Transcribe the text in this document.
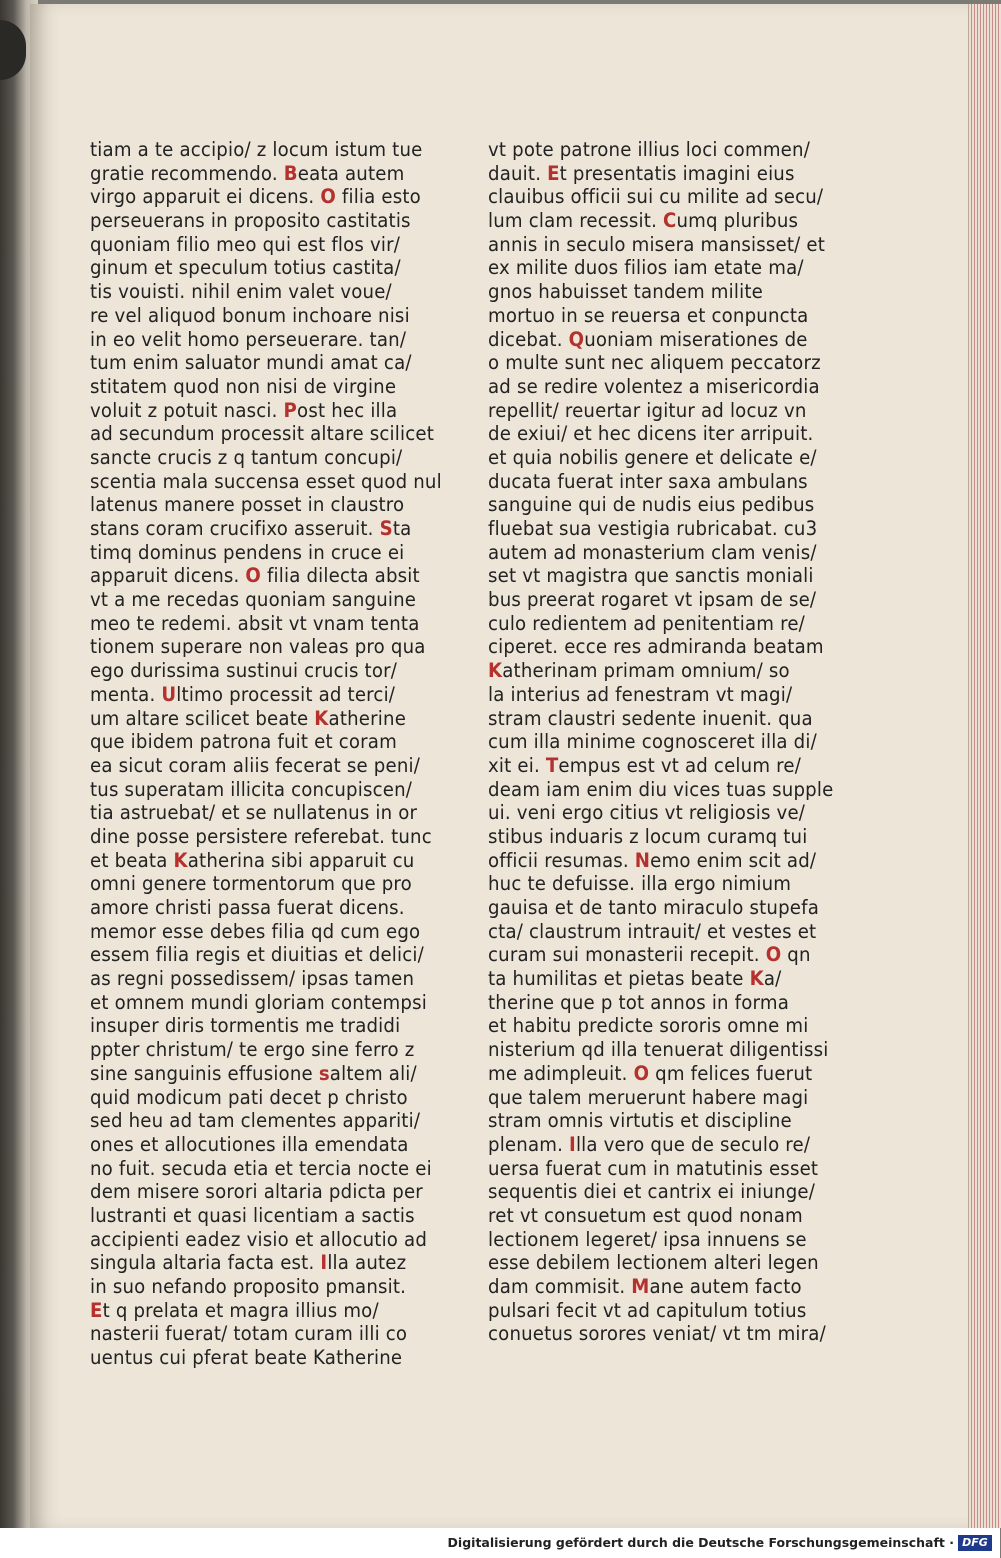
tiam a te accipio/ z locum istum tue
gratie recommendo. Beata autem
virgo apparuit ei dicens. O filia esto
perseuerans in proposito castitatis
quoniam filio meo qui est flos vir/
ginum et speculum totius castita/
tis vouisti. nihil enim valet voue/
re vel aliquod bonum inchoare nisi
in eo velit homo perseuerare. tan/
tum enim saluator mundi amat ca/
stitatem quod non nisi de virgine
voluit z potuit nasci. Post hec illa
ad secundum processit altare scilicet
sancte crucis z q tantum concupi/
scentia mala succensa esset quod nul
latenus manere posset in claustro
stans coram crucifixo asseruit. Sta
timq dominus pendens in cruce ei
apparuit dicens. O filia dilecta absit
vt a me recedas quoniam sanguine
meo te redemi. absit vt vnam tenta
tionem superare non valeas pro qua
ego durissima sustinui crucis tor/
menta. Ultimo processit ad terci/
um altare scilicet beate Katherine
que ibidem patrona fuit et coram
ea sicut coram aliis fecerat se peni/
tus superatam illicita concupiscen/
tia astruebat/ et se nullatenus in or
dine posse persistere referebat. tunc
et beata Katherina sibi apparuit cu
omni genere tormentorum que pro
amore christi passa fuerat dicens.
memor esse debes filia qd cum ego
essem filia regis et diuitias et delici/
as regni possedissem/ ipsas tamen
et omnem mundi gloriam contempsi
insuper diris tormentis me tradidi
ppter christum/ te ergo sine ferro z
sine sanguinis effusione saltem ali/
quid modicum pati decet p christo
sed heu ad tam clementes appariti/
ones et allocutiones illa emendata
no fuit. secuda etia et tercia nocte ei
dem misere sorori altaria pdicta per
lustranti et quasi licentiam a sactis
accipienti eadez visio et allocutio ad
singula altaria facta est. Illa autez
in suo nefando proposito pmansit.
Et q prelata et magra illius mo/
nasterii fuerat/ totam curam illi co
uentus cui pferat beate Katherine
vt pote patrone illius loci commen/
dauit. Et presentatis imagini eius
clauibus officii sui cu milite ad secu/
lum clam recessit. Cumq pluribus
annis in seculo misera mansisset/ et
ex milite duos filios iam etate ma/
gnos habuisset tandem milite
mortuo in se reuersa et conpuncta
dicebat. Quoniam miserationes de
o multe sunt nec aliquem peccatorz
ad se redire volentez a misericordia
repellit/ reuertar igitur ad locuz vn
de exiui/ et hec dicens iter arripuit.
et quia nobilis genere et delicate e/
ducata fuerat inter saxa ambulans
sanguine qui de nudis eius pedibus
fluebat sua vestigia rubricabat. cu3
autem ad monasterium clam venis/
set vt magistra que sanctis moniali
bus preerat rogaret vt ipsam de se/
culo redientem ad penitentiam re/
ciperet. ecce res admiranda beatam
Katherinam primam omnium/ so
la interius ad fenestram vt magi/
stram claustri sedente inuenit. qua
cum illa minime cognosceret illa di/
xit ei. Tempus est vt ad celum re/
deam iam enim diu vices tuas supple
ui. veni ergo citius vt religiosis ve/
stibus induaris z locum curamq tui
officii resumas. Nemo enim scit ad/
huc te defuisse. illa ergo nimium
gauisa et de tanto miraculo stupefa
cta/ claustrum intrauit/ et vestes et
curam sui monasterii recepit. O qn
ta humilitas et pietas beate Ka/
therine que p tot annos in forma
et habitu predicte sororis omne mi
nisterium qd illa tenuerat diligentissi
me adimpleuit. O qm felices fuerut
que talem meruerunt habere magi
stram omnis virtutis et discipline
plenam. Illa vero que de seculo re/
uersa fuerat cum in matutinis esset
sequentis diei et cantrix ei iniunge/
ret vt consuetum est quod nonam
lectionem legeret/ ipsa innuens se
esse debilem lectionem alteri legen
dam commisit. Mane autem facto
pulsari fecit vt ad capitulum totius
conuetus sorores veniat/ vt tm mira/
Digitalisierung gefördert durch die Deutsche Forschungsgemeinschaft · DFG
